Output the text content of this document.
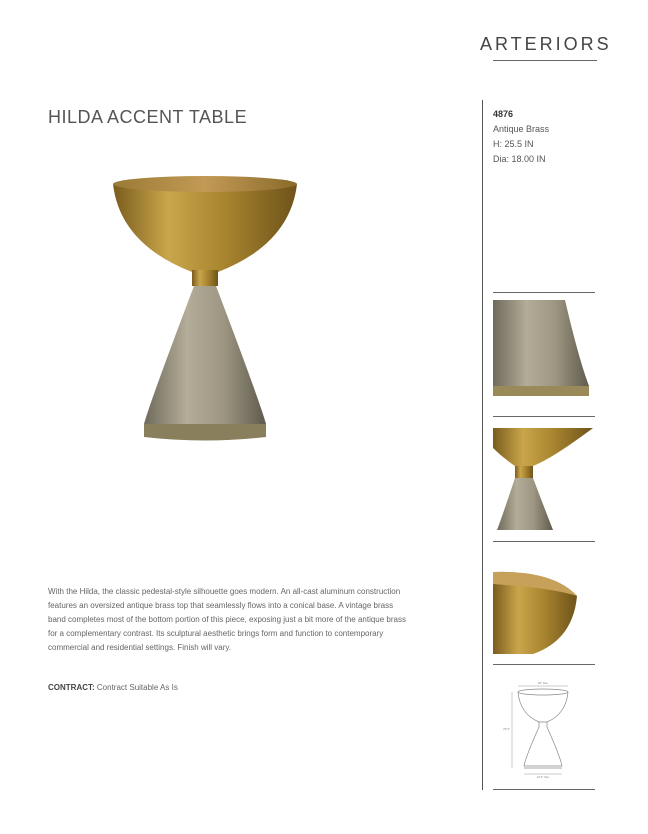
ARTERIORS
HILDA ACCENT TABLE	4876
Antique Brass
H: 25.5 IN
Dia: 18.00 IN

With the Hilda, the classic pedestal-style silhouette goes modern. An all-cast aluminum construction features an oversized antique brass top that seamlessly flows into a conical base. A vintage brass band completes most of the bottom portion of this piece, exposing just a bit more of the antique brass for a complementary contrast. Its sculptural aesthetic brings form and function to contemporary commercial and residential settings. Finish will vary.

CONTRACT: Contract Suitable As Is	18" Dia.
25.5"
13.5" Dia.
